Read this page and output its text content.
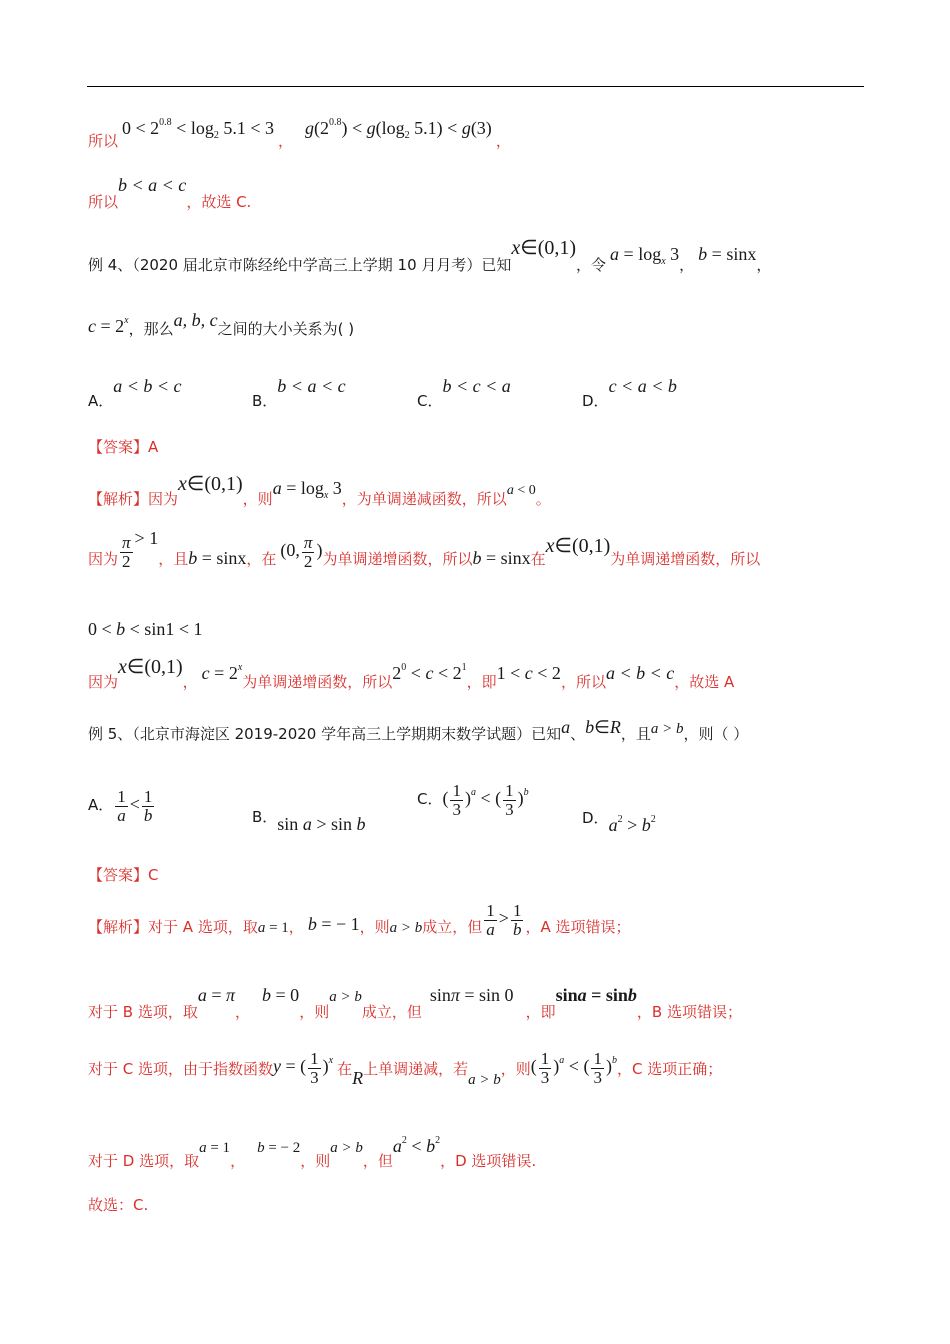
所以 $0 < 2^{0.8} < \log_2 5.1 < 3$ ，   $g(2^{0.8}) < g(\log_2$ 5.1) < g(3) ，
所以b < a < c，故选 C.
例 4、（2020 届北京市陈经纶中学高三上学期 10 月月考）已知x∈(0,1)，令 $a = \log_x 3$， b = sinx，
$c = 2^x$，那么a, b, c之间的大小关系为( )
A．a < b < c
B．b < a < c
C．b < c < a
D．c < a < b
【答案】A
【解析】因为x∈(0,1)，则$a = \log_x 3$，为单调递减函数，所以a < 0。
因为 $\frac{\pi}{2} > 1$，且b = sinx，在 (0, $\frac{\pi}{2}$ )为单调递增函数，所以b = sinx在x∈(0,1)为单调递增函数，所以
0 < b < sin1 < 1
因为x∈(0,1)， $c = 2^x$为单调递增函数，所以$2^0 < c < 2^1$，即1 < c < 2，所以a < b < c，故选 A
例 5、（北京市海淀区 2019-2020 学年高三上学期期末数学试题）已知a、b∈R，且a > b，则（ ）
A． $\frac{1}{a} < \frac{1}{b}$	B．sin a > sin b
C．( $\frac{1}{3} )^a$ < ( $\frac{1}{3} )^b$
D．$a^2 > b^2$
【答案】C
【解析】对于 A 选项，取a = 1， b = − 1，则a > b成立，但 $\frac{1}{a} > \frac{1}{b}$ ，A 选项错误；
对于 B 选项，取a = π，   b = 0，则a > b成立，但  sinπ = sin 0   ，即sina = sinb，B 选项错误；
对于 C 选项，由于指数函数y = ( $\frac{1}{3} )^x$ 在R上单调递减，若a > b，则( $\frac{1}{3} )^a$ < ( $\frac{1}{3} )^b$，C 选项正确；
对于 D 选项，取a = 1，   b = − 2，则a > b，但$a^2 < b^2$，D 选项错误.
故选：C.
